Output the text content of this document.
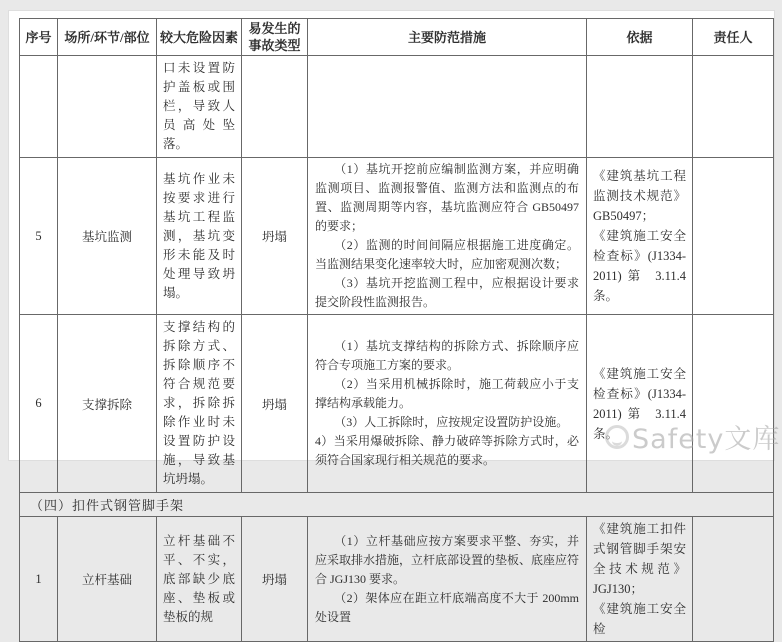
序号	场所/环节/部位	较大危险因素	易发生的事故类型	主要防范措施	依据	责任人
		口未设置防护盖板或围栏，导致人员高处坠落。				
5	基坑监测	基坑作业未按要求进行基坑工程监测，基坑变形未能及时处理导致坍塌。	坍塌	

（1）基坑开挖前应编制监测方案，并应明确监测项目、监测报警值、监测方法和监测点的布置、监测周期等内容，基坑监测应符合 GB50497 的要求；

（2）监测的时间间隔应根据施工进度确定。当监测结果变化速率较大时，应加密观测次数；

（3）基坑开挖监测工程中，应根据设计要求提交阶段性监测报告。

《建筑基坑工程监测技术规范》GB50497；
《建筑施工安全检查标》(J1334-2011)第 3.11.4 条。

6	支撑拆除	支撑结构的拆除方式、拆除顺序不符合规范要求，拆除拆除作业时未设置防护设施，导致基坑坍塌。	坍塌	（1）基坑支撑结构的拆除方式、拆除顺序应符合专项施工方案的要求。

（2）当采用机械拆除时，施工荷载应小于支撑结构承载能力。

（3）人工拆除时，应按规定设置防护设施。

4）当采用爆破拆除、静力破碎等拆除方式时，必须符合国家现行相关规范的要求。	《建筑施工安全检查标》(J1334-2011)第 3.11.4 条。	

（四）扣件式钢管脚手架						
1	立杆基础	立杆基础不平、不实，底部缺少底座、垫板或垫板的规	坍塌	

（1）立杆基础应按方案要求平整、夯实，并应采取排水措施，立杆底部设置的垫板、底座应符合 JGJ130 要求。

（2）架体应在距立杆底端高度不大于 200mm 处设置

《建筑施工扣件式钢管脚手架安全技术规范》JGJ130；
《建筑施工安全检

Safety文库
